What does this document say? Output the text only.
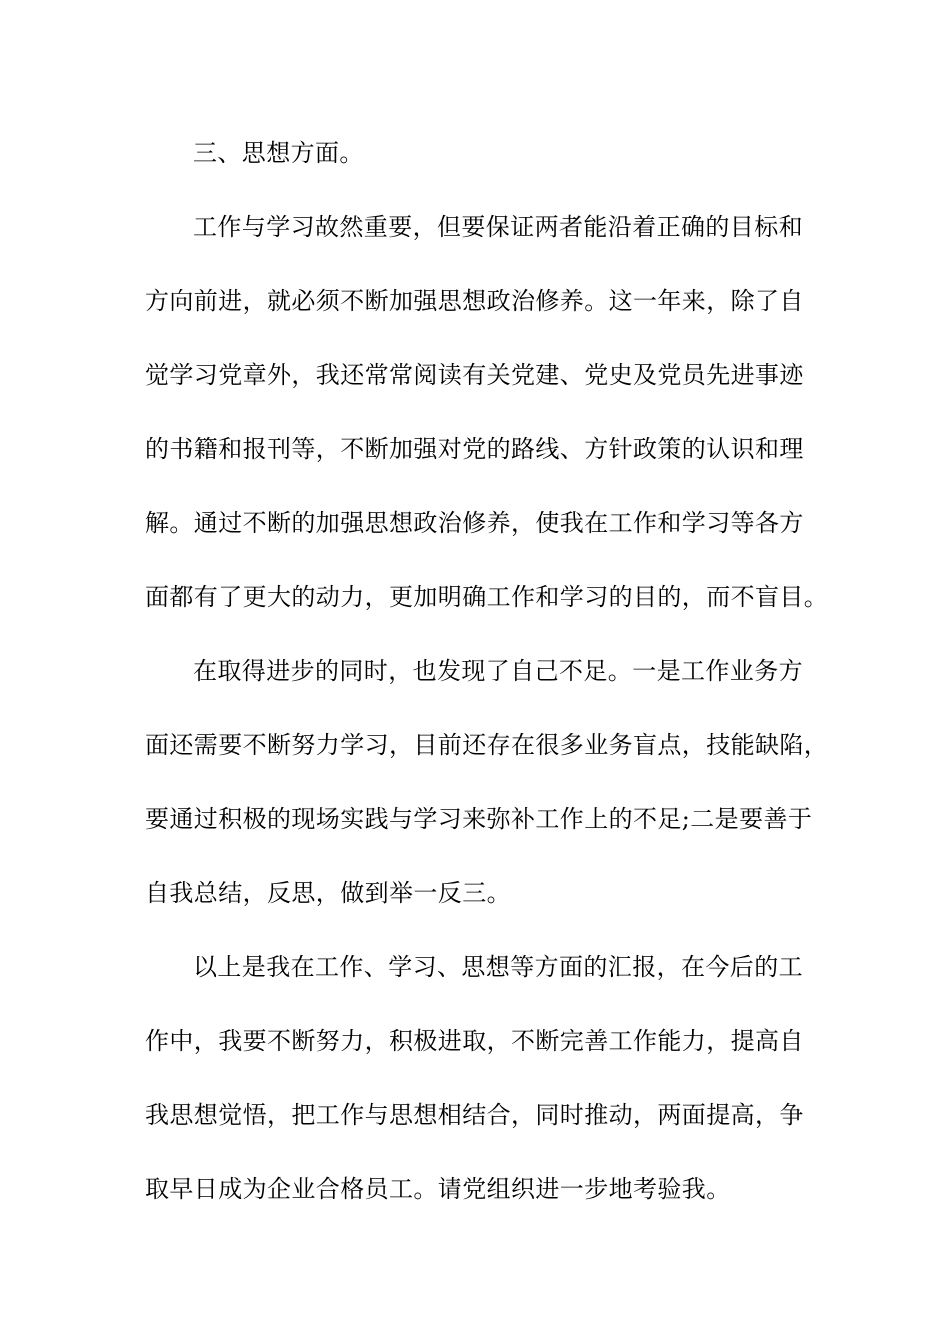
三、思想方面。
工作与学习故然重要，但要保证两者能沿着正确的目标和
方向前进，就必须不断加强思想政治修养。这一年来，除了自
觉学习党章外，我还常常阅读有关党建、党史及党员先进事迹
的书籍和报刊等，不断加强对党的路线、方针政策的认识和理
解。通过不断的加强思想政治修养，使我在工作和学习等各方
面都有了更大的动力，更加明确工作和学习的目的，而不盲目。
在取得进步的同时，也发现了自己不足。一是工作业务方
面还需要不断努力学习，目前还存在很多业务盲点，技能缺陷，
要通过积极的现场实践与学习来弥补工作上的不足;二是要善于
自我总结，反思，做到举一反三。
以上是我在工作、学习、思想等方面的汇报，在今后的工
作中，我要不断努力，积极进取，不断完善工作能力，提高自
我思想觉悟，把工作与思想相结合，同时推动，两面提高，争
取早日成为企业合格员工。请党组织进一步地考验我。
